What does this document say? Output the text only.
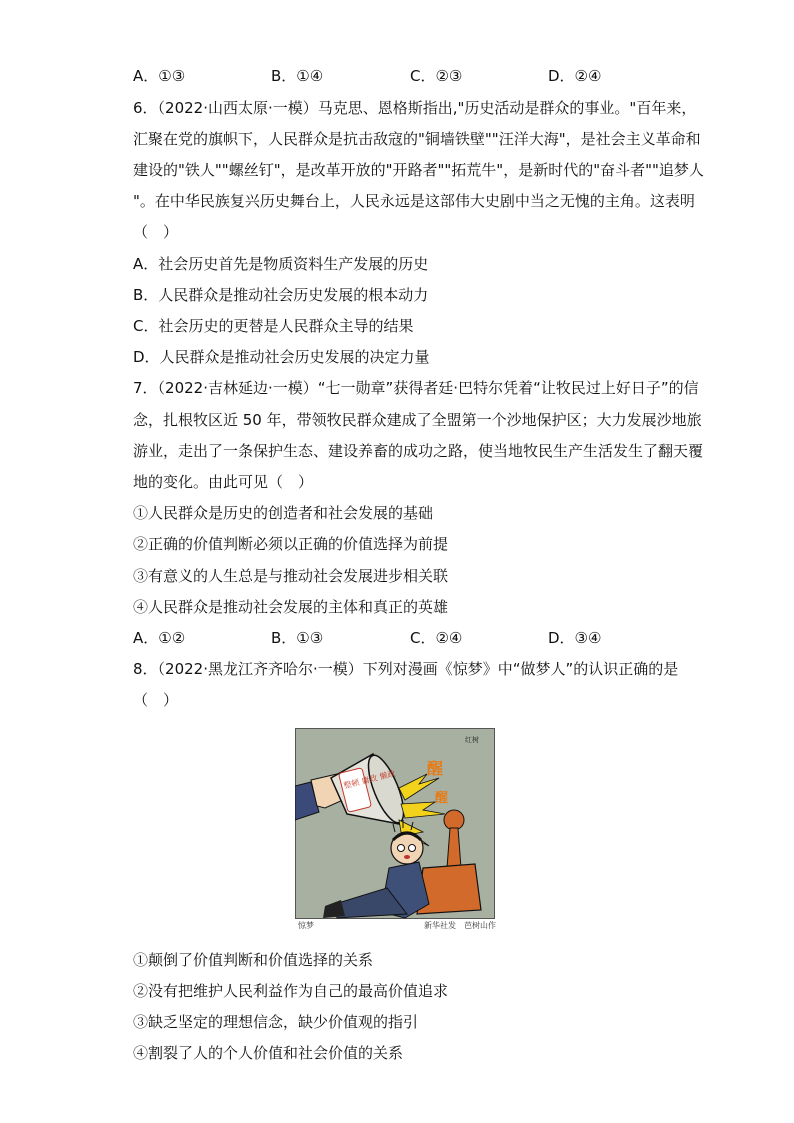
A．①③	B．①④	C．②③	D．②④
6．（2022·山西太原·一模）马克思、恩格斯指出,"历史活动是群众的事业。"百年来，
汇聚在党的旗帜下，人民群众是抗击敌寇的"铜墙铁壁""汪洋大海"，是社会主义革命和
建设的"铁人""螺丝钉"，是改革开放的"开路者""拓荒牛"，是新时代的"奋斗者""追梦人
"。在中华民族复兴历史舞台上，人民永远是这部伟大史剧中当之无愧的主角。这表明
（　）
A．社会历史首先是物质资料生产发展的历史
B．人民群众是推动社会历史发展的根本动力
C．社会历史的更替是人民群众主导的结果
D．人民群众是推动社会历史发展的决定力量
7．（2022·吉林延边·一模）“七一勋章”获得者廷·巴特尔凭着“让牧民过上好日子”的信
念，扎根牧区近 50 年，带领牧民群众建成了全盟第一个沙地保护区；大力发展沙地旅
游业，走出了一条保护生态、建设养畜的成功之路，使当地牧民生产生活发生了翻天覆
地的变化。由此可见（　）
①人民群众是历史的创造者和社会发展的基础
②正确的价值判断必须以正确的价值选择为前提
③有意义的人生总是与推动社会发展进步相关联
④人民群众是推动社会发展的主体和真正的英雄
A．①②	B．①③	C．②④	D．③④
8．（2022·黑龙江齐齐哈尔·一模）下列对漫画《惊梦》中“做梦人”的认识正确的是
（　）
红树
整顿 庸政 懒政
醒
醒
惊梦	新华社发　芭树山作
①颠倒了价值判断和价值选择的关系
②没有把维护人民利益作为自己的最高价值追求
③缺乏坚定的理想信念，缺少价值观的指引
④割裂了人的个人价值和社会价值的关系
